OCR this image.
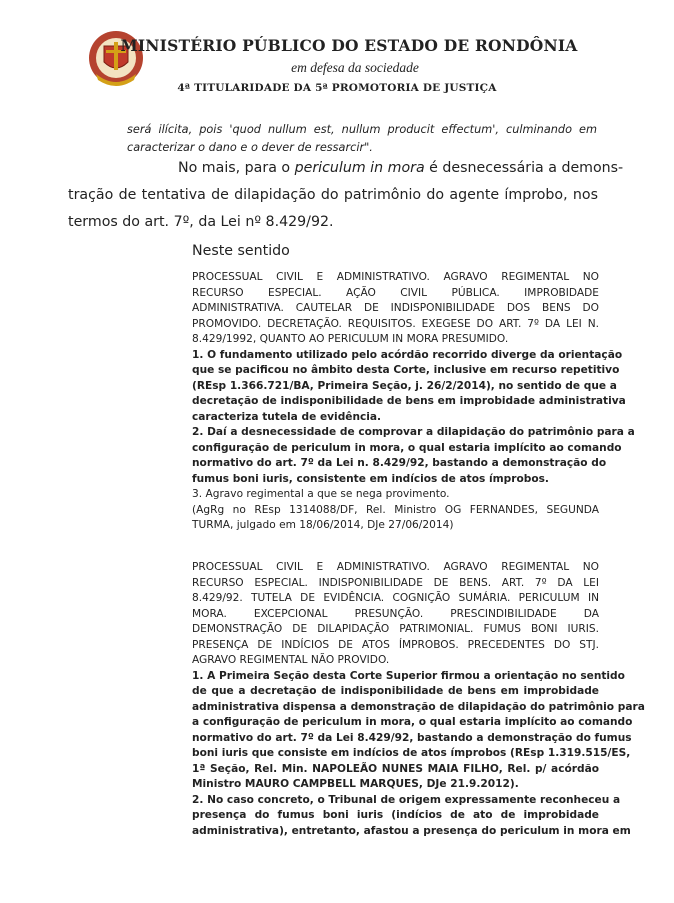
MINISTÉRIO PÚBLICO DO ESTADO DE RONDÔNIA
em defesa da sociedade
4ª TITULARIDADE DA 5ª PROMOTORIA DE JUSTIÇA
será ilícita, pois 'quod nullum est, nullum producit effectum', culminando em
caracterizar o dano e o dever de ressarcir".
No mais, para o periculum in mora é desnecessária a demons-
tração de tentativa de dilapidação do patrimônio do agente ímprobo, nos
termos do art. 7º, da Lei nº 8.429/92.
Neste sentido
PROCESSUAL CIVIL E ADMINISTRATIVO. AGRAVO REGIMENTAL NO
RECURSO ESPECIAL. AÇÃO CIVIL PÚBLICA. IMPROBIDADE
ADMINISTRATIVA. CAUTELAR DE INDISPONIBILIDADE DOS BENS DO
PROMOVIDO. DECRETAÇÃO. REQUISITOS. EXEGESE DO ART. 7º DA LEI N.
8.429/1992, QUANTO AO PERICULUM IN MORA PRESUMIDO.
1. O fundamento utilizado pelo acórdão recorrido diverge da orientação
que se pacificou no âmbito desta Corte, inclusive em recurso repetitivo
(REsp 1.366.721/BA, Primeira Seção, j. 26/2/2014), no sentido de que a
decretação de indisponibilidade de bens em improbidade administrativa
caracteriza tutela de evidência.
2. Daí a desnecessidade de comprovar a dilapidação do patrimônio para a
configuração de periculum in mora, o qual estaria implícito ao comando
normativo do art. 7º da Lei n. 8.429/92, bastando a demonstração do
fumus boni iuris, consistente em indícios de atos ímprobos.
3. Agravo regimental a que se nega provimento.
(AgRg no REsp 1314088/DF, Rel. Ministro OG FERNANDES, SEGUNDA
TURMA, julgado em 18/06/2014, DJe 27/06/2014)
PROCESSUAL CIVIL E ADMINISTRATIVO. AGRAVO REGIMENTAL NO
RECURSO ESPECIAL. INDISPONIBILIDADE DE BENS. ART. 7º DA LEI
8.429/92. TUTELA DE EVIDÊNCIA. COGNIÇÃO SUMÁRIA. PERICULUM IN
MORA. EXCEPCIONAL PRESUNÇÃO. PRESCINDIBILIDADE DA
DEMONSTRAÇÃO DE DILAPIDAÇÃO PATRIMONIAL. FUMUS BONI IURIS.
PRESENÇA DE INDÍCIOS DE ATOS ÍMPROBOS. PRECEDENTES DO STJ.
AGRAVO REGIMENTAL NÃO PROVIDO.
1. A Primeira Seção desta Corte Superior firmou a orientação no sentido
de que a decretação de indisponibilidade de bens em improbidade
administrativa dispensa a demonstração de dilapidação do patrimônio para
a configuração de periculum in mora, o qual estaria implícito ao comando
normativo do art. 7º da Lei 8.429/92, bastando a demonstração do fumus
boni iuris que consiste em indícios de atos ímprobos (REsp 1.319.515/ES,
1ª Seção, Rel. Min. NAPOLEÃO NUNES MAIA FILHO, Rel. p/ acórdão
Ministro MAURO CAMPBELL MARQUES, DJe 21.9.2012).
2. No caso concreto, o Tribunal de origem expressamente reconheceu a
presença do fumus boni iuris (indícios de ato de improbidade
administrativa), entretanto, afastou a presença do periculum in mora em
